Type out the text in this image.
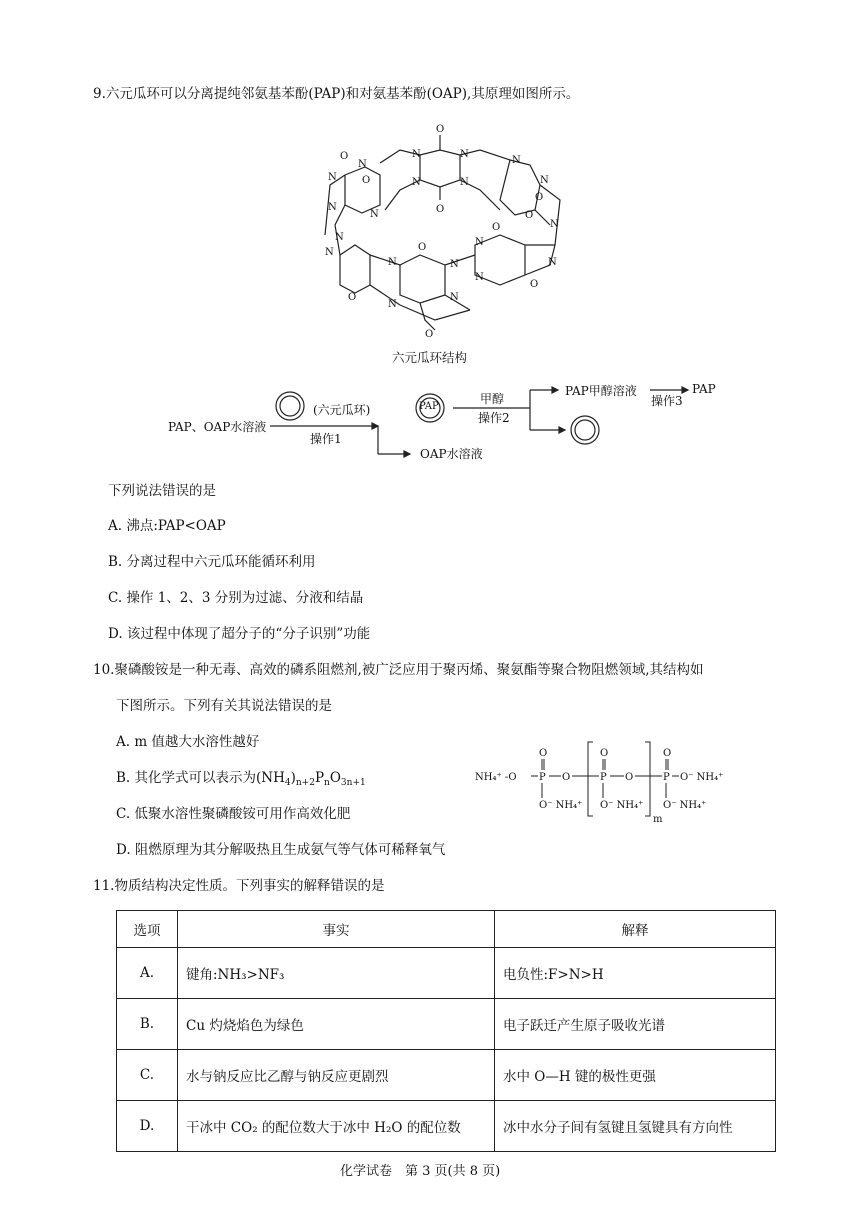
9.六元瓜环可以分离提纯邻氨基苯酚(PAP)和对氨基苯酚(OAP),其原理如图所示。
O
N	N
N	N
O
O
N
N
N
N
O
N
N
N
O
O
N
N
O
N
O
N
N
N
O
N
N
O
O
N
六元瓜环结构
(六元瓜环)
PAP、OAP水溶液
操作1
PAP
甲醇
操作2
PAP甲醇溶液
操作3
PAP
OAP水溶液
下列说法错误的是
A. 沸点:PAP<OAP
B. 分离过程中六元瓜环能循环利用
C. 操作 1、2、3 分别为过滤、分液和结晶
D. 该过程中体现了超分子的“分子识别”功能
10.聚磷酸铵是一种无毒、高效的磷系阻燃剂,被广泛应用于聚丙烯、聚氨酯等聚合物阻燃领域,其结构如
下图所示。下列有关其说法错误的是
A. m 值越大水溶性越好
B. 其化学式可以表示为$(NH_4)_{n+2}P_nO_{3n+1}$
C. 低聚水溶性聚磷酸铵可用作高效化肥
D. 阻燃原理为其分解吸热且生成氨气等气体可稀释氧气
NH₄⁺ -O
O
P
O⁻ NH₄⁺
O
O
P
O⁻ NH₄⁺
O
O
P
O⁻ NH₄⁺
O⁻ NH₄⁺
m
11.物质结构决定性质。下列事实的解释错误的是
选项	事实	解释
A.	键角:NH₃>NF₃	电负性:F>N>H
B.	Cu 灼烧焰色为绿色	电子跃迁产生原子吸收光谱
C.	水与钠反应比乙醇与钠反应更剧烈	水中 O—H 键的极性更强
D.	干冰中 CO₂ 的配位数大于冰中 H₂O 的配位数	冰中水分子间有氢键且氢键具有方向性
化学试卷　第 3 页(共 8 页)
